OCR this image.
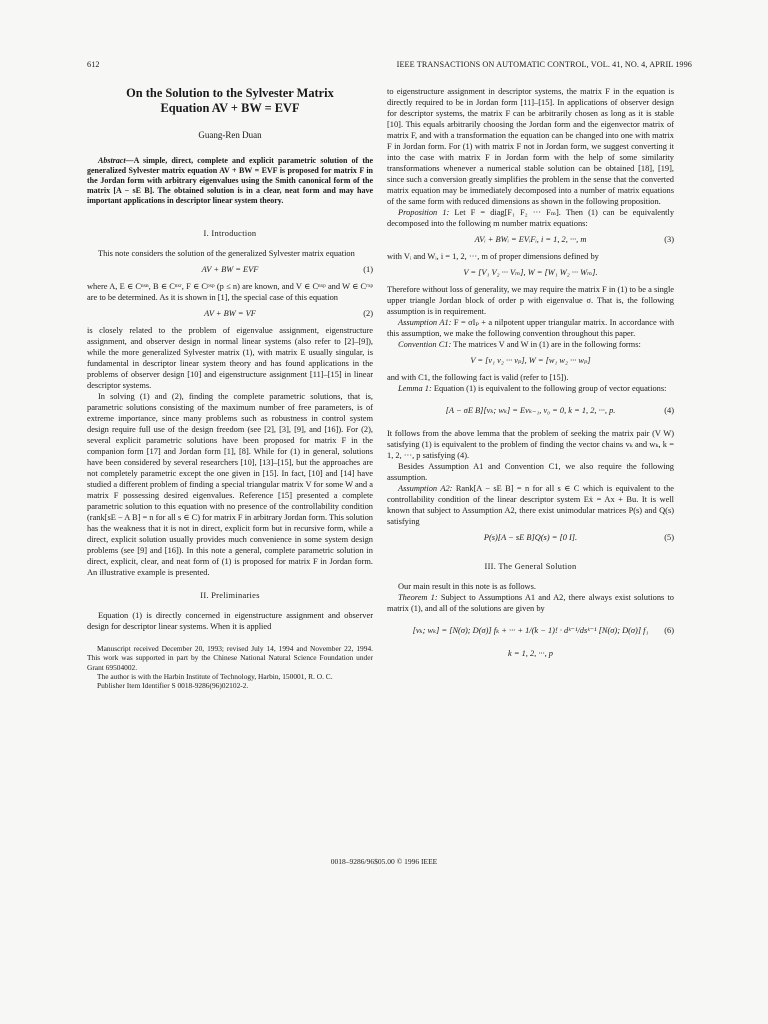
612	IEEE TRANSACTIONS ON AUTOMATIC CONTROL, VOL. 41, NO. 4, APRIL 1996
On the Solution to the Sylvester Matrix
Equation AV + BW = EVF

Guang-Ren Duan

Abstract—A simple, direct, complete and explicit parametric solution of the generalized Sylvester matrix equation AV + BW = EVF is proposed for matrix F in the Jordan form with arbitrary eigenvalues using the Smith canonical form of the matrix [A − sE B]. The obtained solution is in a clear, neat form and may have important applications in descriptor linear system theory.

I. Introduction

This note considers the solution of the generalized Sylvester matrix equation

AV + BW = EVF	(1)

where A, E ∈ Cⁿˣⁿ, B ∈ Cⁿˣʳ, F ∈ Cᵖˣᵖ (p ≤ n) are known, and V ∈ Cⁿˣᵖ and W ∈ Cʳˣᵖ are to be determined. As it is shown in [1], the special case of this equation

AV + BW = VF	(2)

is closely related to the problem of eigenvalue assignment, eigenstructure assignment, and observer design in normal linear systems (also refer to [2]–[9]), while the more generalized Sylvester matrix (1), with matrix E usually singular, is fundamental in descriptor linear system theory and has found applications in the problems of observer design [10] and eigenstructure assignment [11]–[15] in linear descriptor systems.

In solving (1) and (2), finding the complete parametric solutions, that is, parametric solutions consisting of the maximum number of free parameters, is of extreme importance, since many problems such as robustness in control system design require full use of the design freedom (see [2], [3], [9], and [16]). For (2), several explicit parametric solutions have been proposed for matrix F in the companion form [17] and Jordan form [1], [8]. While for (1) in general, solutions have been considered by several researchers [10], [13]–[15], but the approaches are not completely parametric except the one given in [15]. In fact, [10] and [14] have studied a different problem of finding a special triangular matrix V for some W and a matrix F possessing desired eigenvalues. Reference [15] presented a complete parametric solution to this equation with no presence of the controllability condition (rank[sE − A B] = n for all s ∈ C) for matrix F in arbitrary Jordan form. This solution has the weakness that it is not in direct, explicit form but in recursive form, while a direct, explicit solution usually provides much convenience in some system design problems (see [9] and [16]). In this note a general, complete parametric solution in direct, explicit, clear, and neat form of (1) is proposed for matrix F in Jordan form. An illustrative example is presented.

II. Preliminaries

Equation (1) is directly concerned in eigenstructure assignment and observer design for descriptor linear systems. When it is applied

Manuscript received December 20, 1993; revised July 14, 1994 and November 22, 1994. This work was supported in part by the Chinese National Natural Science Foundation under Grant 69504002.

The author is with the Harbin Institute of Technology, Harbin, 150001, R. O. C.

Publisher Item Identifier S 0018-9286(96)02102-2.

to eigenstructure assignment in descriptor systems, the matrix F in the equation is directly required to be in Jordan form [11]–[15]. In applications of observer design for descriptor systems, the matrix F can be arbitrarily chosen as long as it is stable [10]. This equals arbitrarily choosing the Jordan form and the eigenvector matrix of matrix F, and with a transformation the equation can be changed into one with matrix F in Jordan form. For (1) with matrix F not in Jordan form, we suggest converting it into the case with matrix F in Jordan form with the help of some similarity transformations whenever a numerical stable solution can be obtained [18], [19], since such a conversion greatly simplifies the problem in the sense that the converted matrix equation may be immediately decomposed into a number of matrix equations of the same form with reduced dimensions as shown in the following proposition.

Proposition 1: Let F = diag[F₁ F₂ ··· Fₘ]. Then (1) can be equivalently decomposed into the following m number matrix equations:

AVᵢ + BWᵢ = EVᵢFᵢ, i = 1, 2, ···, m	(3)

with Vᵢ and Wᵢ, i = 1, 2, ···, m of proper dimensions defined by

V = [V₁ V₂ ··· Vₘ], W = [W₁ W₂ ··· Wₘ].

Therefore without loss of generality, we may require the matrix F in (1) to be a single upper triangle Jordan block of order p with eigenvalue σ. That is, the following assumption is in requirement.

Assumption A1: F = σIₚ + a nilpotent upper triangular matrix. In accordance with this assumption, we make the following convention throughout this paper.

Convention C1: The matrices V and W in (1) are in the following forms:

V = [v₁ v₂ ··· vₚ], W = [w₁ w₂ ··· wₚ]

and with C1, the following fact is valid (refer to [15]).

Lemma 1: Equation (1) is equivalent to the following group of vector equations:

[A − σE B][vₖ; wₖ] = Evₖ₋₁, v₀ = 0, k = 1, 2, ···, p.	(4)

It follows from the above lemma that the problem of seeking the matrix pair (V W) satisfying (1) is equivalent to the problem of finding the vector chains vₖ and wₖ, k = 1, 2, ···, p satisfying (4).

Besides Assumption A1 and Convention C1, we also require the following assumption.

Assumption A2: Rank[A − sE B] = n for all s ∈ C which is equivalent to the controllability condition of the linear descriptor system Eẋ = Ax + Bu. It is well known that subject to Assumption A2, there exist unimodular matrices P(s) and Q(s) satisfying

P(s)[A − sE B]Q(s) = [0 I].	(5)

III. The General Solution

Our main result in this note is as follows.

Theorem 1: Subject to Assumptions A1 and A2, there always exist solutions to matrix (1), and all of the solutions are given by

[vₖ; wₖ] = [N(σ); D(σ)] fₖ + ··· + 1/(k − 1)! · dᵏ⁻¹/dsᵏ⁻¹ [N(σ); D(σ)] f₁ (6)
k = 1, 2, ···, p
0018–9286/96$05.00 © 1996 IEEE
